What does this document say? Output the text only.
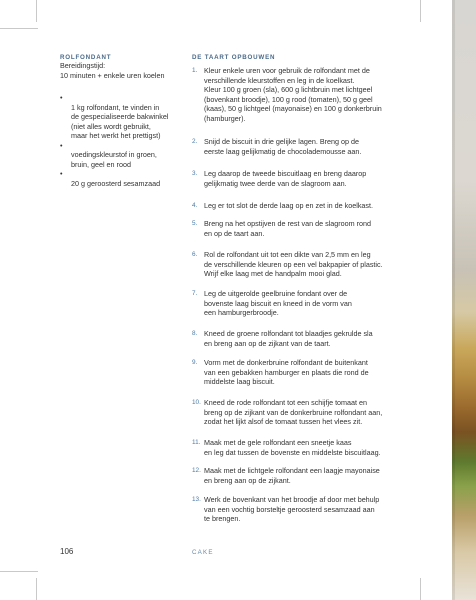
ROLFONDANT
Bereidingstijd:
10 minuten + enkele uren koelen

•
1 kg rolfondant, te vinden in
de gespecialiseerde bakwinkel
(niet alles wordt gebruikt,
maar het werkt het prettigst)

•
voedingskleurstof in groen,
bruin, geel en rood

•
20 g geroosterd sesamzaad

DE TAART OPBOUWEN
1. Kleur enkele uren voor gebruik de rolfondant met de
verschillende kleurstoffen en leg in de koelkast.
Kleur 100 g groen (sla), 600 g lichtbruin met lichtgeel
(bovenkant broodje), 100 g rood (tomaten), 50 g geel
(kaas), 50 g lichtgeel (mayonaise) en 100 g donkerbruin
(hamburger).
2. Snijd de biscuit in drie gelijke lagen. Breng op de
eerste laag gelijkmatig de chocolademousse aan.
3. Leg daarop de tweede biscuitlaag en breng daarop
gelijkmatig twee derde van de slagroom aan.
4. Leg er tot slot de derde laag op en zet in de koelkast.
5. Breng na het opstijven de rest van de slagroom rond
en op de taart aan.
6. Rol de rolfondant uit tot een dikte van 2,5 mm en leg
de verschillende kleuren op een vel bakpapier of plastic.
Wrijf elke laag met de handpalm mooi glad.
7. Leg de uitgerolde geelbruine fondant over de
bovenste laag biscuit en kneed in de vorm van
een hamburgerbroodje.
8. Kneed de groene rolfondant tot blaadjes gekrulde sla
en breng aan op de zijkant van de taart.
9. Vorm met de donkerbruine rolfondant de buitenkant
van een gebakken hamburger en plaats die rond de
middelste laag biscuit.
10. Kneed de rode rolfondant tot een schijfje tomaat en
breng op de zijkant van de donkerbruine rolfondant aan,
zodat het lijkt alsof de tomaat tussen het vlees zit.
11. Maak met de gele rolfondant een sneetje kaas
en leg dat tussen de bovenste en middelste biscuitlaag.
12. Maak met de lichtgele rolfondant een laagje mayonaise
en breng aan op de zijkant.
13. Werk de bovenkant van het broodje af door met behulp
van een vochtig borsteltje geroosterd sesamzaad aan
te brengen.
106	CAKE
